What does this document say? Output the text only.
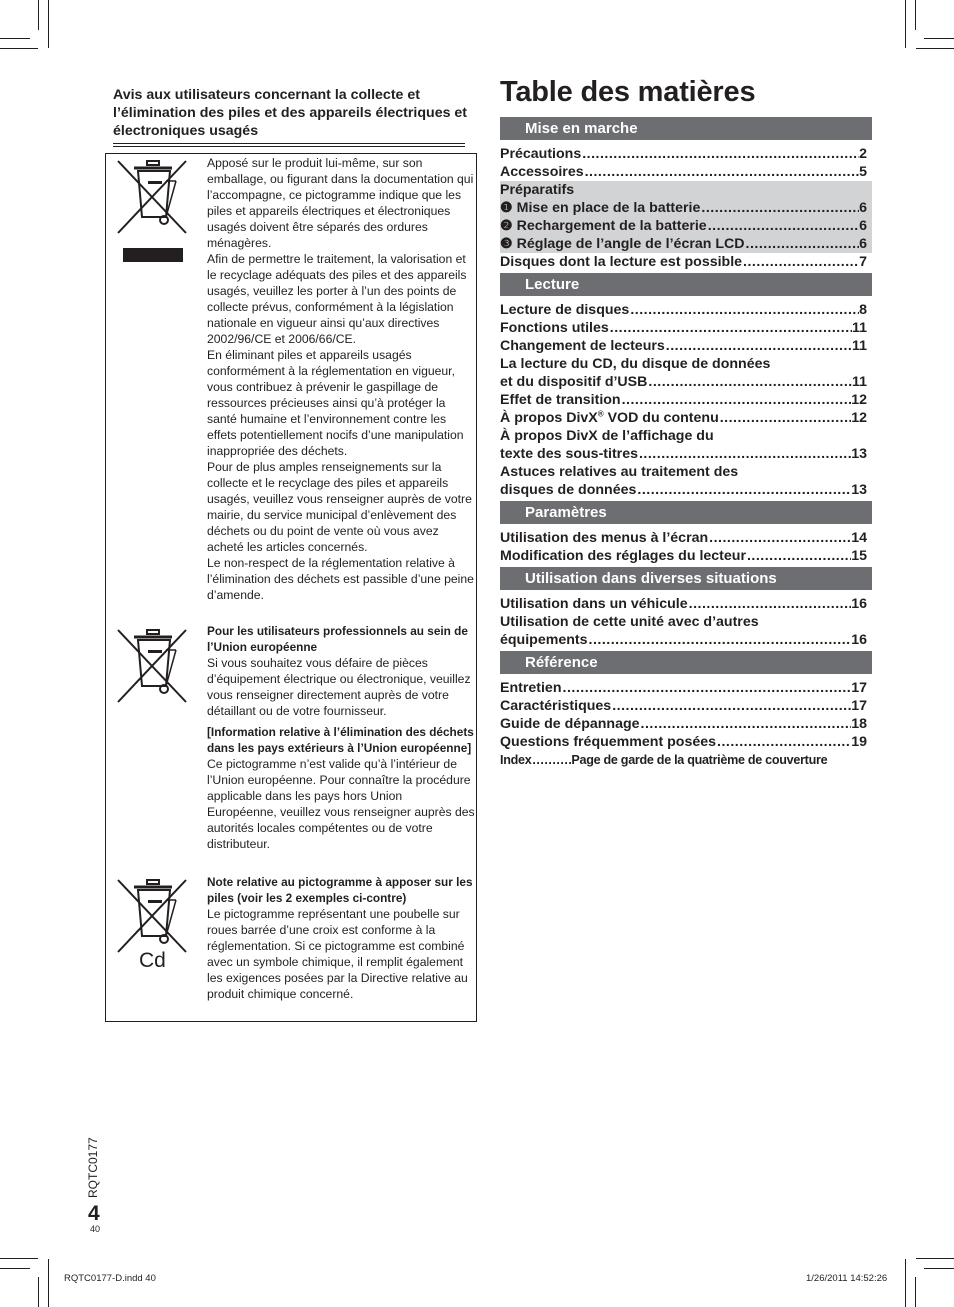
Avis aux utilisateurs concernant la collecte et l’élimination des piles et des appareils électriques et électroniques usagés
Cd

Apposé sur le produit lui-même, sur son emballage, ou figurant dans la documentation qui l’accompagne, ce pictogramme indique que les piles et appareils électriques et électroniques usagés doivent être séparés des ordures ménagères.

Afin de permettre le traitement, la valorisation et le recyclage adéquats des piles et des appareils usagés, veuillez les porter à l’un des points de collecte prévus, conformément à la législation nationale en vigueur ainsi qu’aux directives 2002/96/CE et 2006/66/CE.

En éliminant piles et appareils usagés conformément à la réglementation en vigueur, vous contribuez à prévenir le gaspillage de ressources précieuses ainsi qu’à protéger la santé humaine et l’environnement contre les effets potentiellement nocifs d’une manipulation inappropriée des déchets.

Pour de plus amples renseignements sur la collecte et le recyclage des piles et appareils usagés, veuillez vous renseigner auprès de votre mairie, du service municipal d’enlèvement des déchets ou du point de vente où vous avez acheté les articles concernés.

Le non-respect de la réglementation relative à l’élimination des déchets est passible d’une peine d’amende.

Pour les utilisateurs professionnels au sein de l’Union européenne

Si vous souhaitez vous défaire de pièces d’équipement électrique ou électronique, veuillez vous renseigner directement auprès de votre détaillant ou de votre fournisseur.

[Information relative à l’élimination des déchets dans les pays extérieurs à l’Union européenne]

Ce pictogramme n’est valide qu’à l’intérieur de l’Union européenne. Pour connaître la procédure applicable dans les pays hors Union Européenne, veuillez vous renseigner auprès des autorités locales compétentes ou de votre distributeur.

Note relative au pictogramme à apposer sur les piles (voir les 2 exemples ci-contre)

Le pictogramme représentant une poubelle sur roues barrée d’une croix est conforme à la réglementation. Si ce pictogramme est combiné avec un symbole chimique, il remplit également les exigences posées par la Directive relative au produit chimique concerné.

Table des matières
Mise en marche
Précautions .....	2
Accessoires .....	5
Préparatifs
❶ Mise en place de la batterie .....	6
❷ Rechargement de la batterie .....	6
❸ Réglage de l’angle de l’écran LCD .....	6
Disques dont la lecture est possible .....	7
Lecture
Lecture de disques .....	8
Fonctions utiles .....	11
Changement de lecteurs .....	11
La lecture du CD, du disque de données
et du dispositif d’USB .....	11
Effet de transition .....	12
À propos DivX® VOD du contenu .....	12
À propos DivX de l’affichage du
texte des sous-titres .....	13
Astuces relatives au traitement des
disques de données .....	13
Paramètres
Utilisation des menus à l’écran .....	14
Modification des réglages du lecteur .....	15
Utilisation dans diverses situations
Utilisation dans un véhicule .....	16
Utilisation de cette unité avec d’autres
équipements .....	16
Référence
Entretien .....	17
Caractéristiques .....	17
Guide de dépannage .....	18
Questions fréquemment posées .....	19
Index .....	Page de garde de la quatrième de couverture
RQTC0177
4
40
RQTC0177-D.indd 40	1/26/2011 14:52:26
